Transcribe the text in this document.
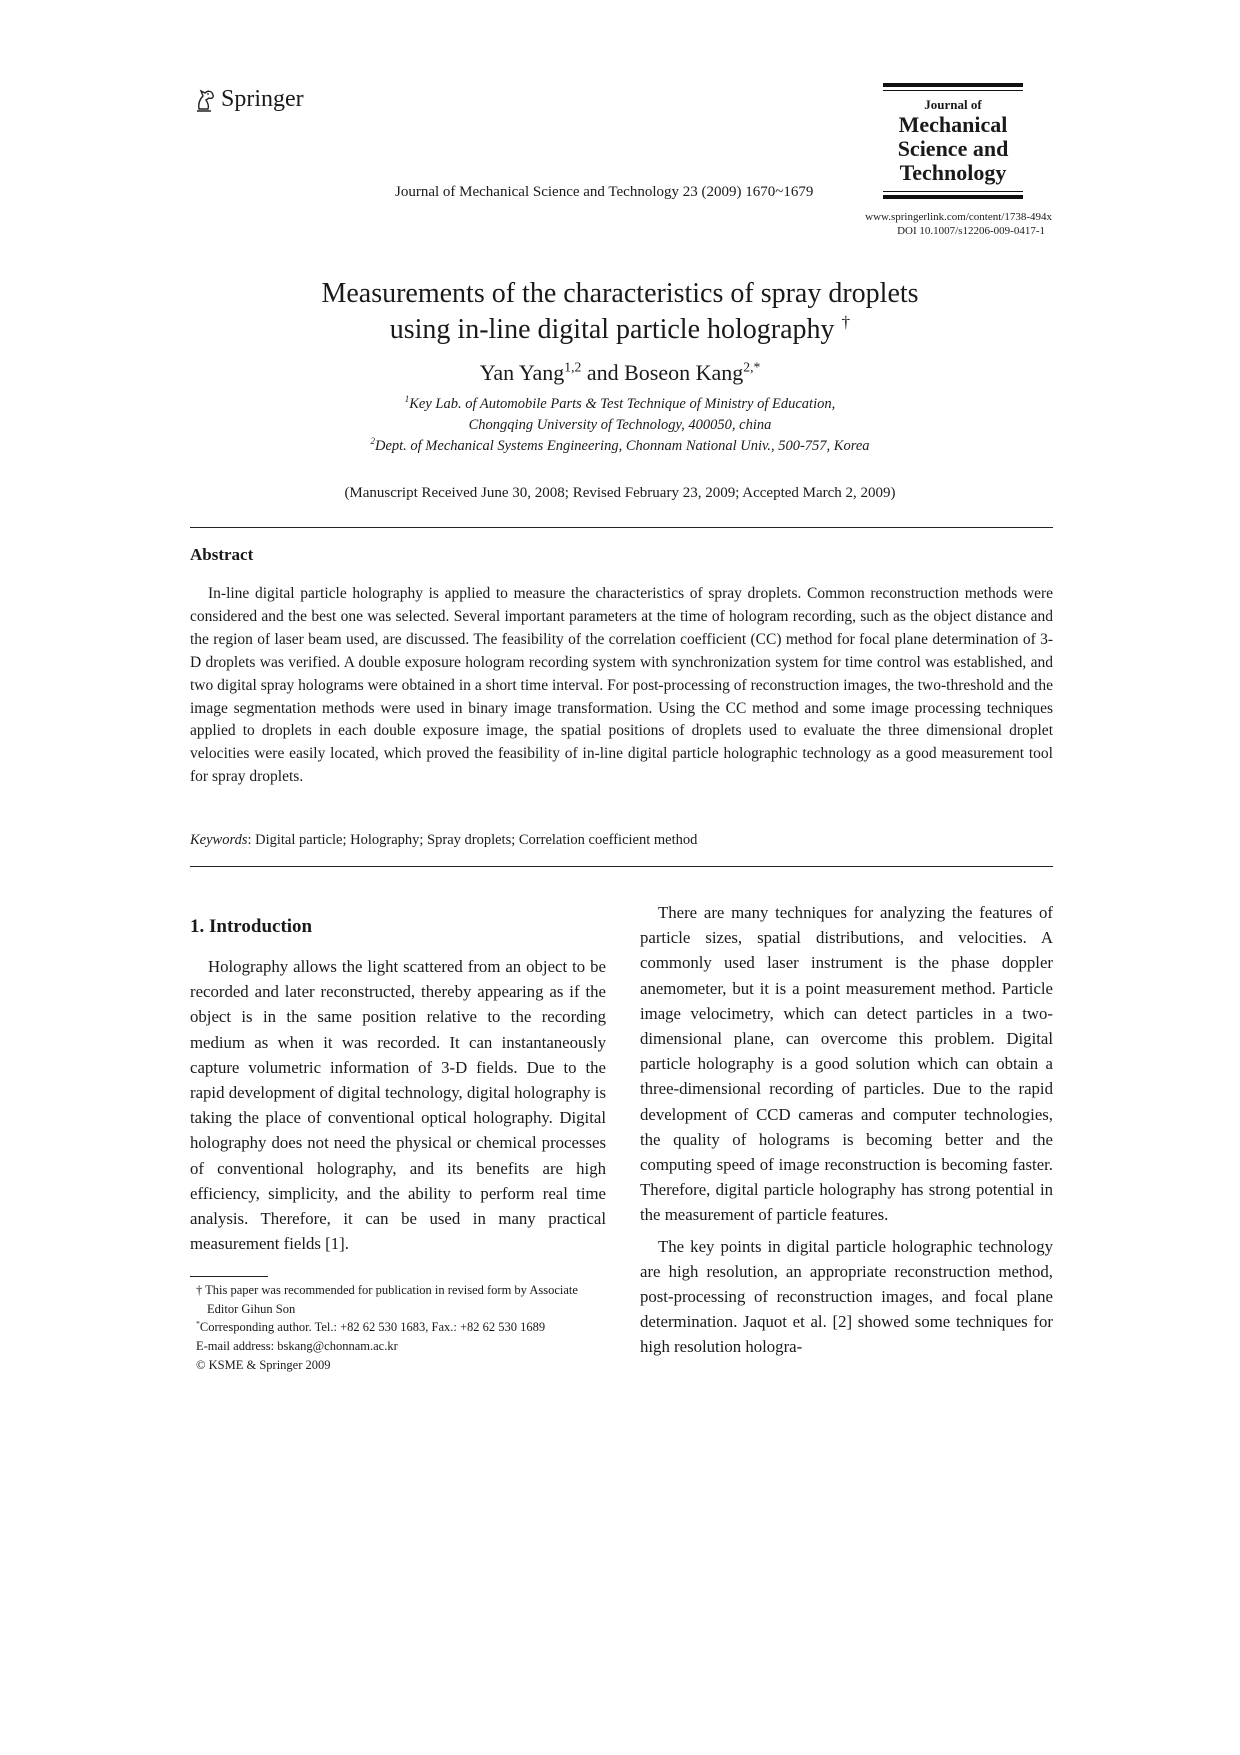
Springer
Journal of Mechanical Science and Technology 23 (2009) 1670~1679
Journal of
Mechanical
Science and
Technology
www.springerlink.com/content/1738-494x
DOI 10.1007/s12206-009-0417-1
Measurements of the characteristics of spray droplets
using in-line digital particle holography †
Yan Yang$^{1,2}$ and Boseon Kang$^{2,*}$
$^1$Key Lab. of Automobile Parts & Test Technique of Ministry of Education,
Chongqing University of Technology, 400050, china
$^2$Dept. of Mechanical Systems Engineering, Chonnam National Univ., 500-757, Korea
(Manuscript Received June 30, 2008; Revised February 23, 2009; Accepted March 2, 2009)
Abstract

In-line digital particle holography is applied to measure the characteristics of spray droplets. Common reconstruction methods were considered and the best one was selected. Several important parameters at the time of hologram recording, such as the object distance and the region of laser beam used, are discussed. The feasibility of the correlation coefficient (CC) method for focal plane determination of 3-D droplets was verified. A double exposure hologram recording system with synchronization system for time control was established, and two digital spray holograms were obtained in a short time interval. For post-processing of reconstruction images, the two-threshold and the image segmentation methods were used in binary image transformation. Using the CC method and some image processing techniques applied to droplets in each double exposure image, the spatial positions of droplets used to evaluate the three dimensional droplet velocities were easily located, which proved the feasibility of in-line digital particle holographic technology as a good measurement tool for spray droplets.

Keywords: Digital particle; Holography; Spray droplets; Correlation coefficient method
1. Introduction

Holography allows the light scattered from an object to be recorded and later reconstructed, thereby appearing as if the object is in the same position relative to the recording medium as when it was recorded. It can instantaneously capture volumetric information of 3-D fields. Due to the rapid development of digital technology, digital holography is taking the place of conventional optical holography. Digital holography does not need the physical or chemical processes of conventional holography, and its benefits are high efficiency, simplicity, and the ability to perform real time analysis. Therefore, it can be used in many practical measurement fields [1].

There are many techniques for analyzing the features of particle sizes, spatial distributions, and velocities. A commonly used laser instrument is the phase doppler anemometer, but it is a point measurement method. Particle image velocimetry, which can detect particles in a two-dimensional plane, can overcome this problem. Digital particle holography is a good solution which can obtain a three-dimensional recording of particles. Due to the rapid development of CCD cameras and computer technologies, the quality of holograms is becoming better and the computing speed of image reconstruction is becoming faster. Therefore, digital particle holography has strong potential in the measurement of particle features.

The key points in digital particle holographic technology are high resolution, an appropriate reconstruction method, post-processing of reconstruction images, and focal plane determination. Jaquot et al. [2] showed some techniques for high resolution hologra-

† This paper was recommended for publication in revised form by Associate
Editor Gihun Son
*Corresponding author. Tel.: +82 62 530 1683, Fax.: +82 62 530 1689
E-mail address: bskang@chonnam.ac.kr
© KSME & Springer 2009
